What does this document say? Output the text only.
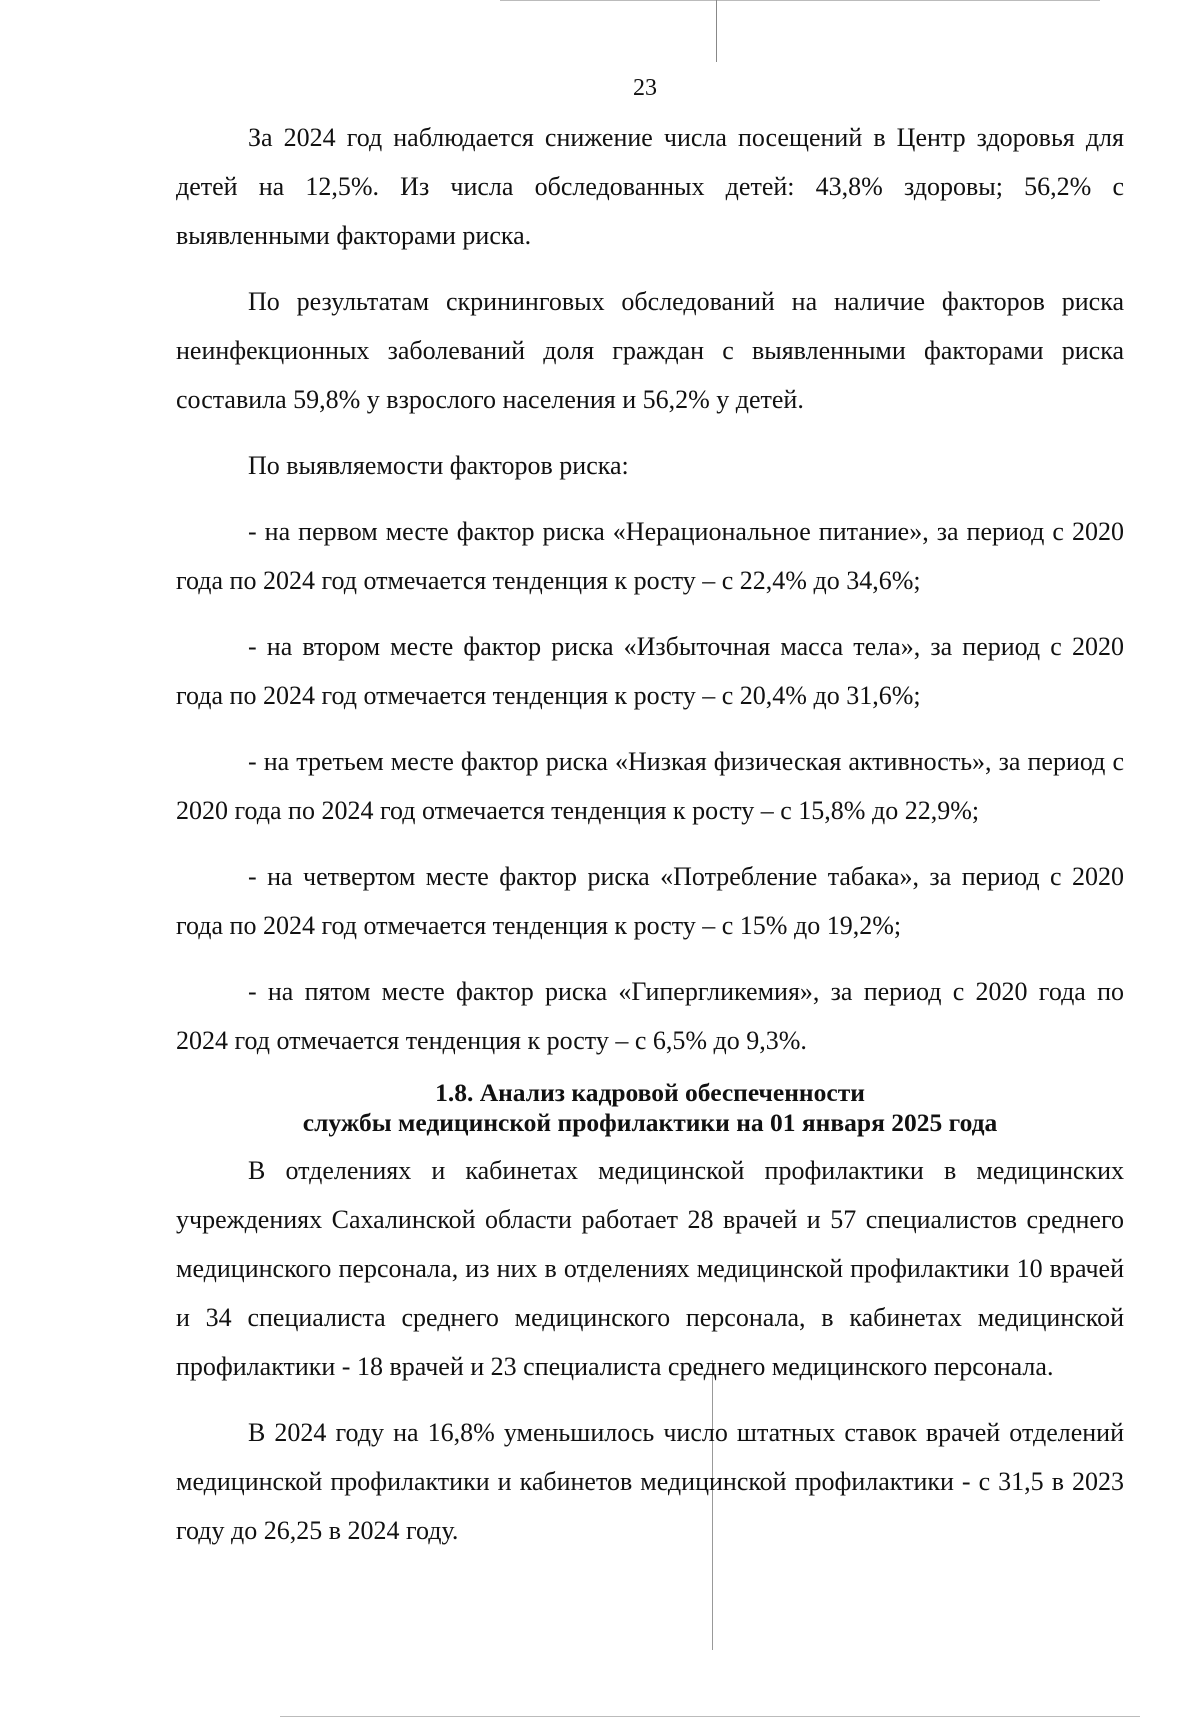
23

За 2024 год наблюдается снижение числа посещений в Центр здоровья для детей на 12,5%. Из числа обследованных детей: 43,8% здоровы; 56,2% с выявленными факторами риска.

По результатам скрининговых обследований на наличие факторов риска неинфекционных заболеваний доля граждан с выявленными факторами риска составила 59,8% у взрослого населения и 56,2% у детей.

По выявляемости факторов риска:

- на первом месте фактор риска «Нерациональное питание», за период с 2020 года по 2024 год отмечается тенденция к росту – с 22,4% до 34,6%;

- на втором месте фактор риска «Избыточная масса тела», за период с 2020 года по 2024 год отмечается тенденция к росту – с 20,4% до 31,6%;

- на третьем месте фактор риска «Низкая физическая активность», за период с 2020 года по 2024 год отмечается тенденция к росту – с 15,8% до 22,9%;

- на четвертом месте фактор риска «Потребление табака», за период с 2020 года по 2024 год отмечается тенденция к росту – с 15% до 19,2%;

- на пятом месте фактор риска «Гипергликемия», за период с 2020 года по 2024 год отмечается тенденция к росту – с 6,5% до 9,3%.

1.8. Анализ кадровой обеспеченности
службы медицинской профилактики на 01 января 2025 года

В отделениях и кабинетах медицинской профилактики в медицинских учреждениях Сахалинской области работает 28 врачей и 57 специалистов среднего медицинского персонала, из них в отделениях медицинской профилактики 10 врачей и 34 специалиста среднего медицинского персонала, в кабинетах медицинской профилактики - 18 врачей и 23 специалиста среднего медицинского персонала.

В 2024 году на 16,8% уменьшилось число штатных ставок врачей отделений медицинской профилактики и кабинетов медицинской профилактики - с 31,5 в 2023 году до 26,25 в 2024 году.
